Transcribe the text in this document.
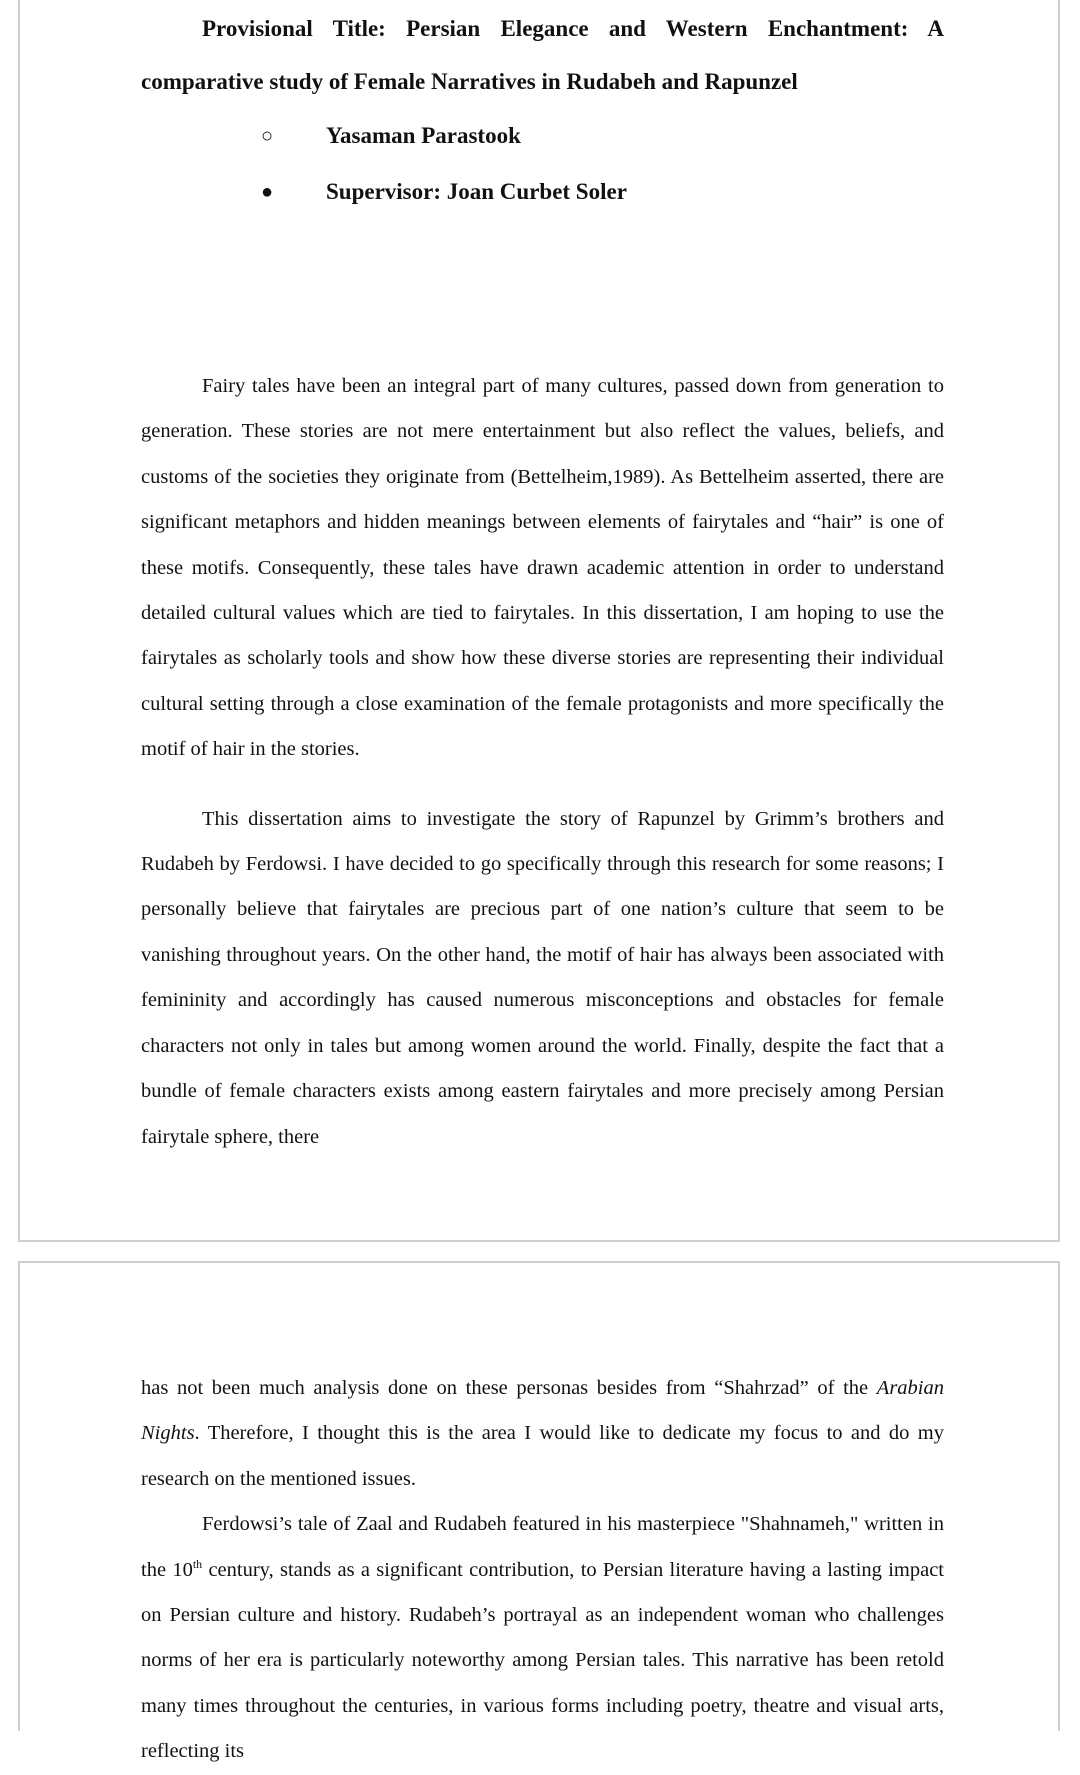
Provisional Title: Persian Elegance and Western Enchantment: A comparative study of Female Narratives in Rudabeh and Rapunzel

○ Yasaman Parastook
● Supervisor: Joan Curbet Soler

Fairy tales have been an integral part of many cultures, passed down from generation to generation. These stories are not mere entertainment but also reflect the values, beliefs, and customs of the societies they originate from (Bettelheim,1989). As Bettelheim asserted, there are significant metaphors and hidden meanings between elements of fairytales and “hair” is one of these motifs. Consequently, these tales have drawn academic attention in order to understand detailed cultural values which are tied to fairytales. In this dissertation, I am hoping to use the fairytales as scholarly tools and show how these diverse stories are representing their individual cultural setting through a close examination of the female protagonists and more specifically the motif of hair in the stories.

This dissertation aims to investigate the story of Rapunzel by Grimm’s brothers and Rudabeh by Ferdowsi. I have decided to go specifically through this research for some reasons; I personally believe that fairytales are precious part of one nation’s culture that seem to be vanishing throughout years. On the other hand, the motif of hair has always been associated with femininity and accordingly has caused numerous misconceptions and obstacles for female characters not only in tales but among women around the world. Finally, despite the fact that a bundle of female characters exists among eastern fairytales and more precisely among Persian fairytale sphere, there

has not been much analysis done on these personas besides from “Shahrzad” of the Arabian Nights. Therefore, I thought this is the area I would like to dedicate my focus to and do my research on the mentioned issues.

Ferdowsi’s tale of Zaal and Rudabeh featured in his masterpiece "Shahnameh," written in the 10th century, stands as a significant contribution, to Persian literature having a lasting impact on Persian culture and history. Rudabeh’s portrayal as an independent woman who challenges norms of her era is particularly noteworthy among Persian tales. This narrative has been retold many times throughout the centuries, in various forms including poetry, theatre and visual arts, reflecting its
